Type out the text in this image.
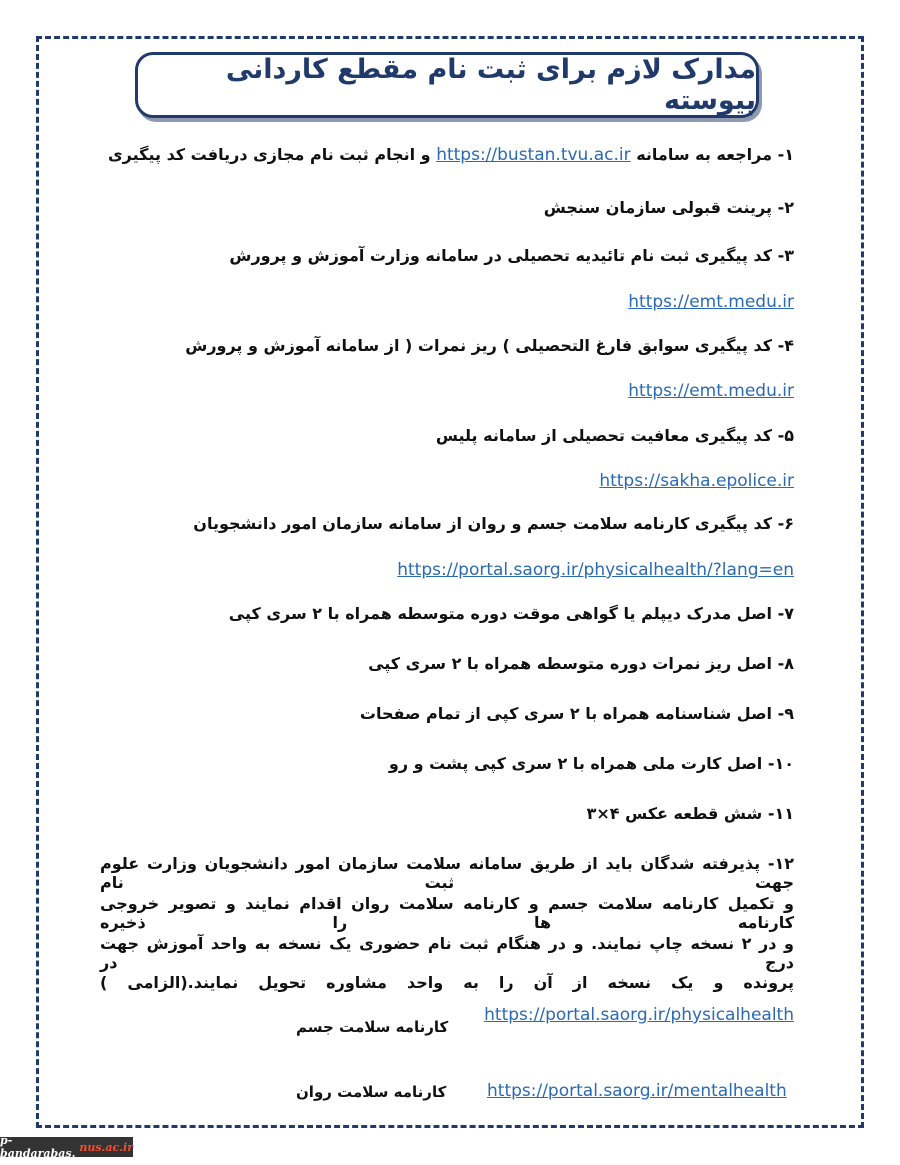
مدارک لازم برای ثبت نام مقطع کاردانی پیوسته
۱- مراجعه به سامانه https://bustan.tvu.ac.ir و انجام ثبت نام مجازی دریافت کد پیگیری
۲- پرینت قبولی سازمان سنجش
۳- کد پیگیری ثبت نام تائیدیه تحصیلی در سامانه وزارت آموزش و پرورش
https://emt.medu.ir
۴- کد پیگیری سوابق فارغ التحصیلی ) ریز نمرات ( از سامانه آموزش و پرورش
https://emt.medu.ir
۵- کد پیگیری معافیت تحصیلی از سامانه پلیس
https://sakha.epolice.ir
۶- کد پیگیری کارنامه سلامت جسم و روان از سامانه سازمان امور دانشجویان
https://portal.saorg.ir/physicalhealth/?lang=en
۷- اصل مدرک دیپلم یا گواهی موقت دوره متوسطه همراه با ۲ سری کپی
۸- اصل ریز نمرات دوره متوسطه همراه با ۲ سری کپی
۹- اصل شناسنامه همراه با ۲ سری کپی از تمام صفحات
۱۰- اصل کارت ملی همراه با ۲ سری کپی پشت و رو
۱۱- شش قطعه عکس ۴×۳
۱۲- پذیرفته شدگان باید از طریق سامانه سلامت سازمان امور دانشجویان وزارت علوم جهت ثبت نام
و تکمیل کارنامه سلامت جسم و کارنامه سلامت روان اقدام نمایند و تصویر خروجی کارنامه ها را ذخیره
و در ۲ نسخه چاپ نمایند. و در هنگام ثبت نام حضوری یک نسخه به واحد آموزش جهت درج در
پرونده و یک نسخه از آن را به واحد مشاوره تحویل نمایند.(الزامی )
کارنامه سلامت جسم
https://portal.saorg.ir/physicalhealth
کارنامه سلامت روان https://portal.saorg.ir/mentalhealth
p-bandarabas. nus.ac.ir
